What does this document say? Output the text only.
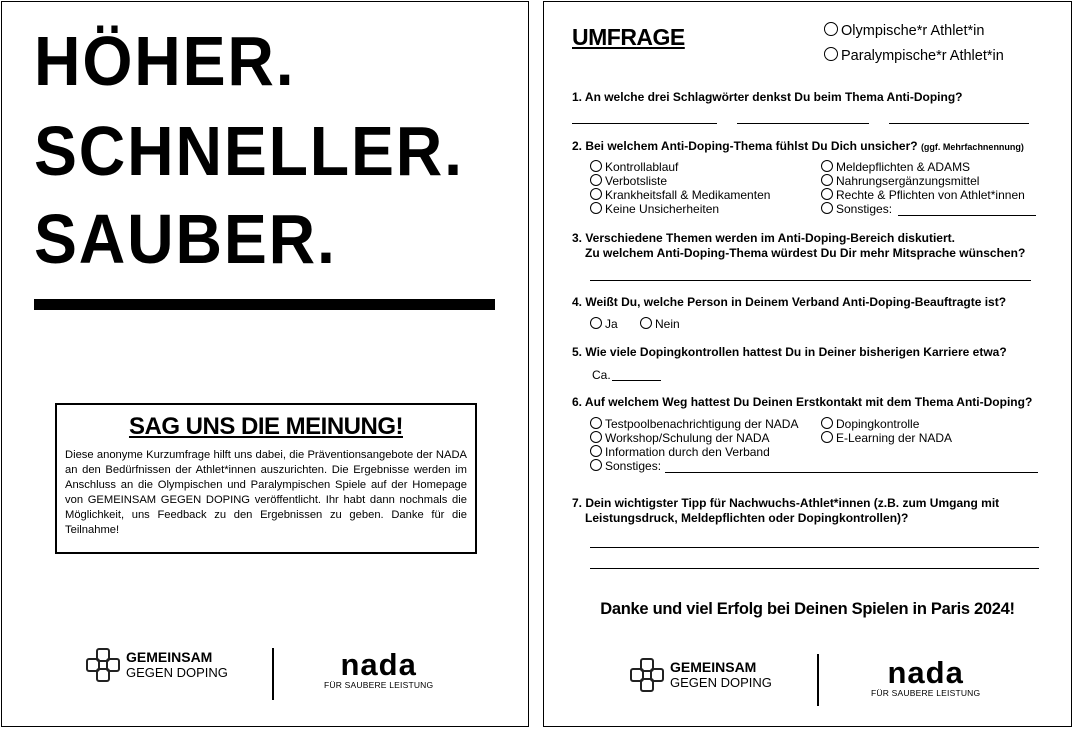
HÖHER.
SCHNELLER.
SAUBER.
SAG UNS DIE MEINUNG!
Diese anonyme Kurzumfrage hilft uns dabei, die Präventionsangebote der NADA an den Bedürfnissen der Athlet*innen auszurichten. Die Ergebnisse werden im Anschluss an die Olympischen und Paralympischen Spiele auf der Homepage von GEMEINSAM GEGEN DOPING veröffentlicht. Ihr habt dann nochmals die Möglichkeit, uns Feedback zu den Ergebnissen zu geben. Danke für die Teilnahme!
GEMEINSAM
GEGEN DOPING	nada
FÜR SAUBERE LEISTUNG
UMFRAGE	Olympische*r Athlet*in
Paralympische*r Athlet*in
1. An welche drei Schlagwörter denkst Du beim Thema Anti-Doping?
2. Bei welchem Anti-Doping-Thema fühlst Du Dich unsicher? (ggf. Mehrfachnennung)
Kontrollablauf
Verbotsliste
Krankheitsfall & Medikamenten
Keine Unsicherheiten
Meldepflichten & ADAMS
Nahrungsergänzungsmittel
Rechte & Pflichten von Athlet*innen
Sonstiges:
3. Verschiedene Themen werden im Anti-Doping-Bereich diskutiert.
Zu welchem Anti-Doping-Thema würdest Du Dir mehr Mitsprache wünschen?
4. Weißt Du, welche Person in Deinem Verband Anti-Doping-Beauftragte ist?
Ja	Nein
5. Wie viele Dopingkontrollen hattest Du in Deiner bisherigen Karriere etwa?
Ca.
6. Auf welchem Weg hattest Du Deinen Erstkontakt mit dem Thema Anti-Doping?
Testpoolbenachrichtigung der NADA
Workshop/Schulung der NADA
Information durch den Verband
Sonstiges:
Dopingkontrolle
E-Learning der NADA
7. Dein wichtigster Tipp für Nachwuchs-Athlet*innen (z.B. zum Umgang mit
Leistungsdruck, Meldepflichten oder Dopingkontrollen)?
Danke und viel Erfolg bei Deinen Spielen in Paris 2024!
GEMEINSAM
GEGEN DOPING	nada
FÜR SAUBERE LEISTUNG
